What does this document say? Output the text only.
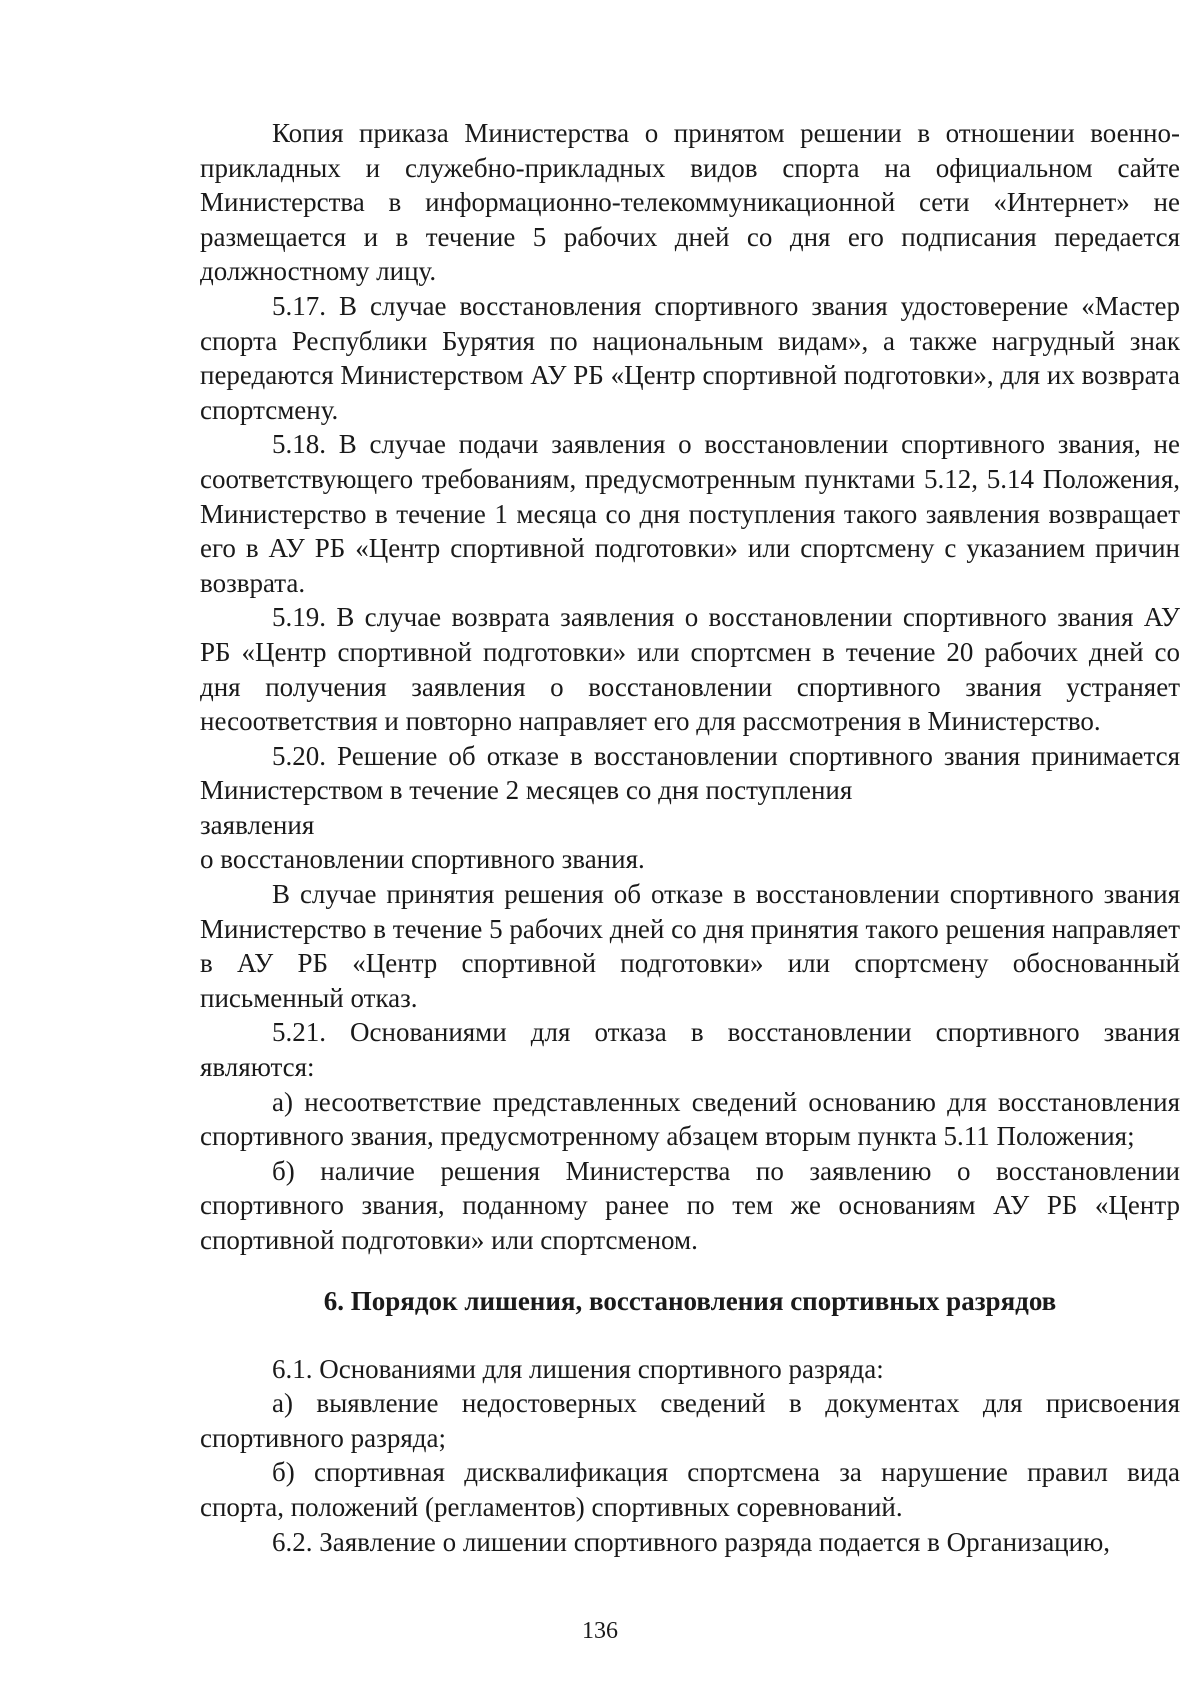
Копия приказа Министерства о принятом решении в отношении военно-прикладных и служебно-прикладных видов спорта на официальном сайте Министерства в информационно-телекоммуникационной сети «Интернет» не размещается и в течение 5 рабочих дней со дня его подписания передается должностному лицу.

5.17. В случае восстановления спортивного звания удостоверение «Мастер спорта Республики Бурятия по национальным видам», а также нагрудный знак передаются Министерством АУ РБ «Центр спортивной подготовки», для их возврата спортсмену.

5.18. В случае подачи заявления о восстановлении спортивного звания, не соответствующего требованиям, предусмотренным пунктами 5.12, 5.14 Положения, Министерство в течение 1 месяца со дня поступления такого заявления возвращает его в АУ РБ «Центр спортивной подготовки» или спортсмену с указанием причин возврата.

5.19. В случае возврата заявления о восстановлении спортивного звания АУ РБ «Центр спортивной подготовки» или спортсмен в течение 20 рабочих дней со дня получения заявления о восстановлении спортивного звания устраняет несоответствия и повторно направляет его для рассмотрения в Министерство.

5.20. Решение об отказе в восстановлении спортивного звания принимается Министерством в течение 2 месяцев со дня поступления

заявления

о восстановлении спортивного звания.

В случае принятия решения об отказе в восстановлении спортивного звания Министерство в течение 5 рабочих дней со дня принятия такого решения направляет в АУ РБ «Центр спортивной подготовки» или спортсмену обоснованный письменный отказ.

5.21. Основаниями для отказа в восстановлении спортивного звания являются:

а) несоответствие представленных сведений основанию для восстановления спортивного звания, предусмотренному абзацем вторым пункта 5.11 Положения;

б) наличие решения Министерства по заявлению о восстановлении спортивного звания, поданному ранее по тем же основаниям АУ РБ «Центр спортивной подготовки» или спортсменом.

6. Порядок лишения, восстановления спортивных разрядов

6.1. Основаниями для лишения спортивного разряда:

а) выявление недостоверных сведений в документах для присвоения спортивного разряда;

б) спортивная дисквалификация спортсмена за нарушение правил вида спорта, положений (регламентов) спортивных соревнований.

6.2. Заявление о лишении спортивного разряда подается в Организацию,

136
